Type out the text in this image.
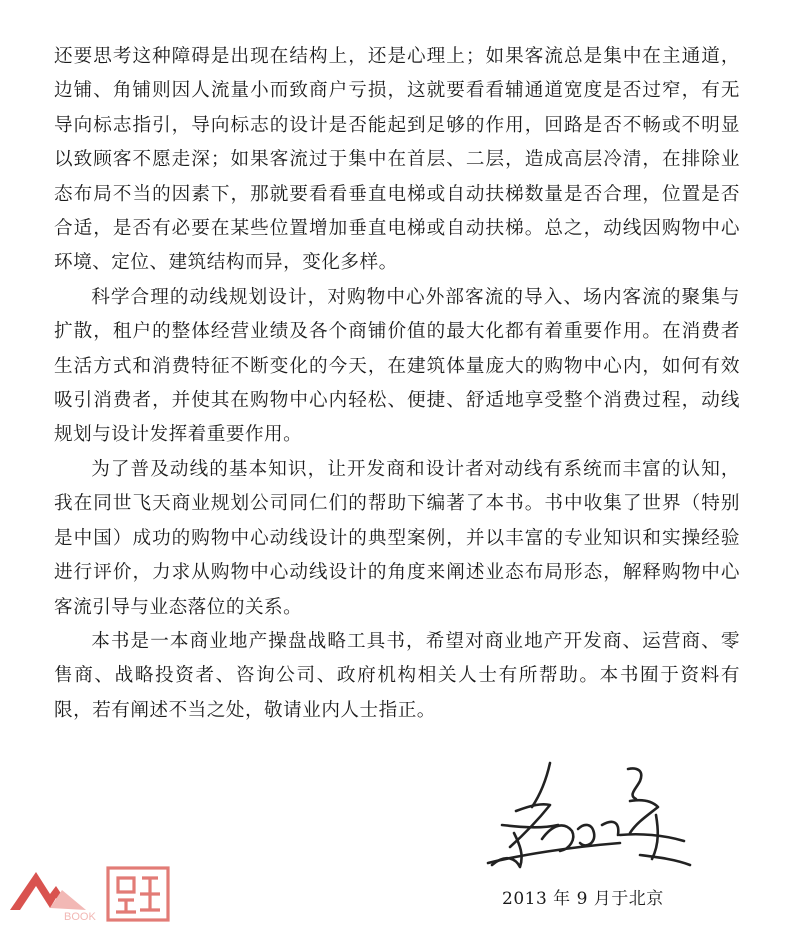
还要思考这种障碍是出现在结构上，还是心理上；如果客流总是集中在主通道，边铺、角铺则因人流量小而致商户亏损，这就要看看辅通道宽度是否过窄，有无导向标志指引，导向标志的设计是否能起到足够的作用，回路是否不畅或不明显以致顾客不愿走深；如果客流过于集中在首层、二层，造成高层冷清，在排除业态布局不当的因素下，那就要看看垂直电梯或自动扶梯数量是否合理，位置是否合适，是否有必要在某些位置增加垂直电梯或自动扶梯。总之，动线因购物中心环境、定位、建筑结构而异，变化多样。

科学合理的动线规划设计，对购物中心外部客流的导入、场内客流的聚集与扩散，租户的整体经营业绩及各个商铺价值的最大化都有着重要作用。在消费者生活方式和消费特征不断变化的今天，在建筑体量庞大的购物中心内，如何有效吸引消费者，并使其在购物中心内轻松、便捷、舒适地享受整个消费过程，动线规划与设计发挥着重要作用。

为了普及动线的基本知识，让开发商和设计者对动线有系统而丰富的认知，我在同世飞天商业规划公司同仁们的帮助下编著了本书。书中收集了世界（特别是中国）成功的购物中心动线设计的典型案例，并以丰富的专业知识和实操经验进行评价，力求从购物中心动线设计的角度来阐述业态布局形态，解释购物中心客流引导与业态落位的关系。

本书是一本商业地产操盘战略工具书，希望对商业地产开发商、运营商、零售商、战略投资者、咨询公司、政府机构相关人士有所帮助。本书囿于资料有限，若有阐述不当之处，敬请业内人士指正。

2013 年 9 月于北京
BOOK
